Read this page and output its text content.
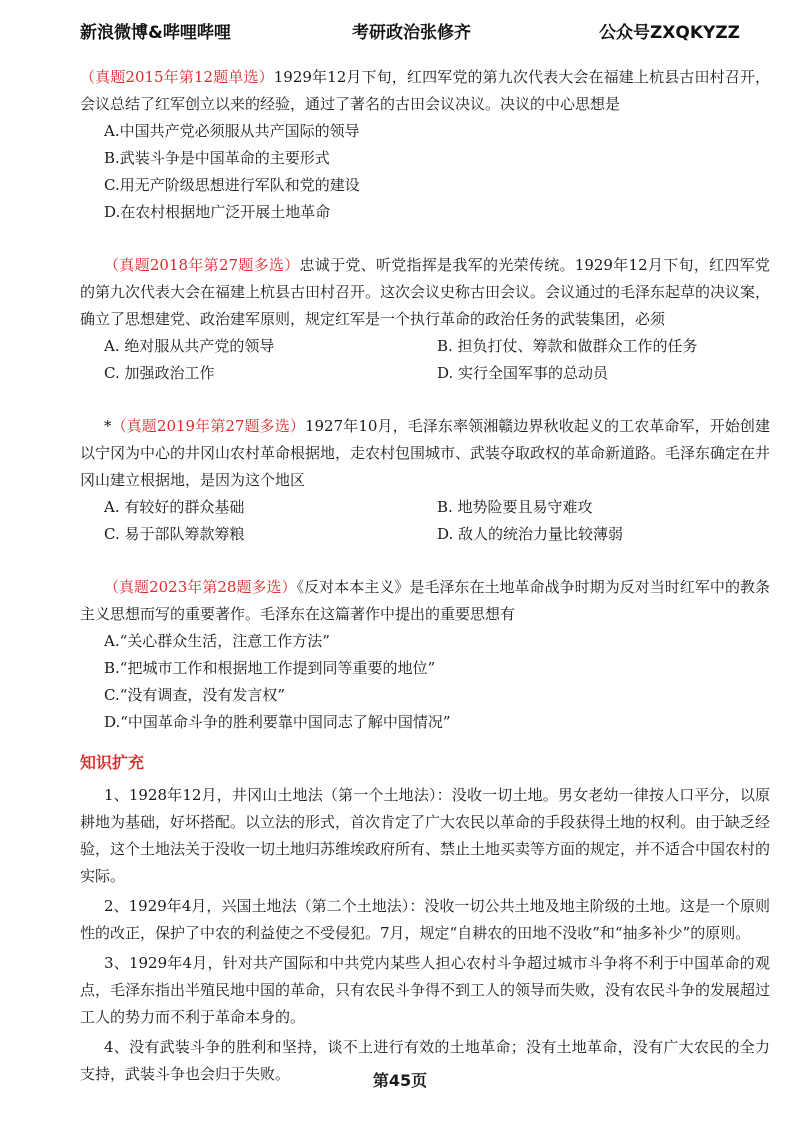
新浪微博&哔哩哔哩	考研政治张修齐	公众号ZXQKYZZ

（真题2015年第12题单选）1929年12月下旬，红四军党的第九次代表大会在福建上杭县古田村召开，会议总结了红军创立以来的经验，通过了著名的古田会议决议。决议的中心思想是

A.中国共产党必须服从共产国际的领导
B.武装斗争是中国革命的主要形式
C.用无产阶级思想进行军队和党的建设
D.在农村根据地广泛开展土地革命

（真题2018年第27题多选）忠诚于党、听党指挥是我军的光荣传统。1929年12月下旬，红四军党的第九次代表大会在福建上杭县古田村召开。这次会议史称古田会议。会议通过的毛泽东起草的决议案，确立了思想建党、政治建军原则，规定红军是一个执行革命的政治任务的武装集团，必须

A. 绝对服从共产党的领导	B. 担负打仗、筹款和做群众工作的任务
C. 加强政治工作	D. 实行全国军事的总动员

*（真题2019年第27题多选）1927年10月，毛泽东率领湘赣边界秋收起义的工农革命军，开始创建以宁冈为中心的井冈山农村革命根据地，走农村包围城市、武装夺取政权的革命新道路。毛泽东确定在井冈山建立根据地，是因为这个地区

A. 有较好的群众基础	B. 地势险要且易守难攻
C. 易于部队筹款筹粮	D. 敌人的统治力量比较薄弱

（真题2023年第28题多选）《反对本本主义》是毛泽东在土地革命战争时期为反对当时红军中的教条主义思想而写的重要著作。毛泽东在这篇著作中提出的重要思想有

A.“关心群众生活，注意工作方法”
B.“把城市工作和根据地工作提到同等重要的地位”
C.“没有调查，没有发言权”
D.“中国革命斗争的胜利要靠中国同志了解中国情况”
知识扩充

1、1928年12月，井冈山土地法（第一个土地法）：没收一切土地。男女老幼一律按人口平分，以原耕地为基础，好坏搭配。以立法的形式，首次肯定了广大农民以革命的手段获得土地的权利。由于缺乏经验，这个土地法关于没收一切土地归苏维埃政府所有、禁止土地买卖等方面的规定，并不适合中国农村的实际。

2、1929年4月，兴国土地法（第二个土地法）：没收一切公共土地及地主阶级的土地。这是一个原则性的改正，保护了中农的利益使之不受侵犯。7月，规定“自耕农的田地不没收”和“抽多补少”的原则。

3、1929年4月，针对共产国际和中共党内某些人担心农村斗争超过城市斗争将不利于中国革命的观点，毛泽东指出半殖民地中国的革命，只有农民斗争得不到工人的领导而失败，没有农民斗争的发展超过工人的势力而不利于革命本身的。

4、没有武装斗争的胜利和坚持，谈不上进行有效的土地革命；没有土地革命，没有广大农民的全力支持，武装斗争也会归于失败。	第45页
